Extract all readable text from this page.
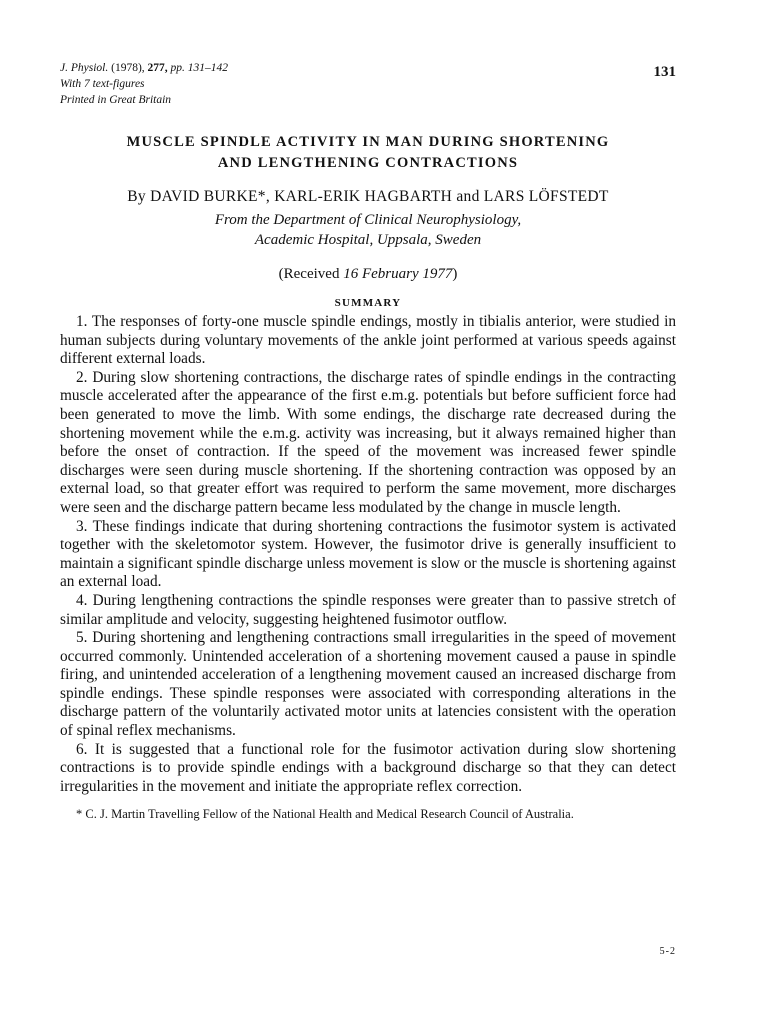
J. Physiol. (1978), 277, pp. 131–142
With 7 text-figures
Printed in Great Britain
131
MUSCLE SPINDLE ACTIVITY IN MAN DURING SHORTENING
AND LENGTHENING CONTRACTIONS
By DAVID BURKE*, KARL-ERIK HAGBARTH and LARS LÖFSTEDT
From the Department of Clinical Neurophysiology,
Academic Hospital, Uppsala, Sweden
(Received 16 February 1977)
SUMMARY

1. The responses of forty-one muscle spindle endings, mostly in tibialis anterior, were studied in human subjects during voluntary movements of the ankle joint performed at various speeds against different external loads.

2. During slow shortening contractions, the discharge rates of spindle endings in the contracting muscle accelerated after the appearance of the first e.m.g. potentials but before sufficient force had been generated to move the limb. With some endings, the discharge rate decreased during the shortening movement while the e.m.g. activity was increasing, but it always remained higher than before the onset of contraction. If the speed of the movement was increased fewer spindle discharges were seen during muscle shortening. If the shortening contraction was opposed by an external load, so that greater effort was required to perform the same movement, more discharges were seen and the discharge pattern became less modulated by the change in muscle length.

3. These findings indicate that during shortening contractions the fusimotor system is activated together with the skeletomotor system. However, the fusimotor drive is generally insufficient to maintain a significant spindle discharge unless movement is slow or the muscle is shortening against an external load.

4. During lengthening contractions the spindle responses were greater than to passive stretch of similar amplitude and velocity, suggesting heightened fusimotor outflow.

5. During shortening and lengthening contractions small irregularities in the speed of movement occurred commonly. Unintended acceleration of a shortening movement caused a pause in spindle firing, and unintended acceleration of a lengthening movement caused an increased discharge from spindle endings. These spindle responses were associated with corresponding alterations in the discharge pattern of the voluntarily activated motor units at latencies consistent with the operation of spinal reflex mechanisms.

6. It is suggested that a functional role for the fusimotor activation during slow shortening contractions is to provide spindle endings with a background discharge so that they can detect irregularities in the movement and initiate the appropriate reflex correction.

* C. J. Martin Travelling Fellow of the National Health and Medical Research Council of Australia.

5-2
